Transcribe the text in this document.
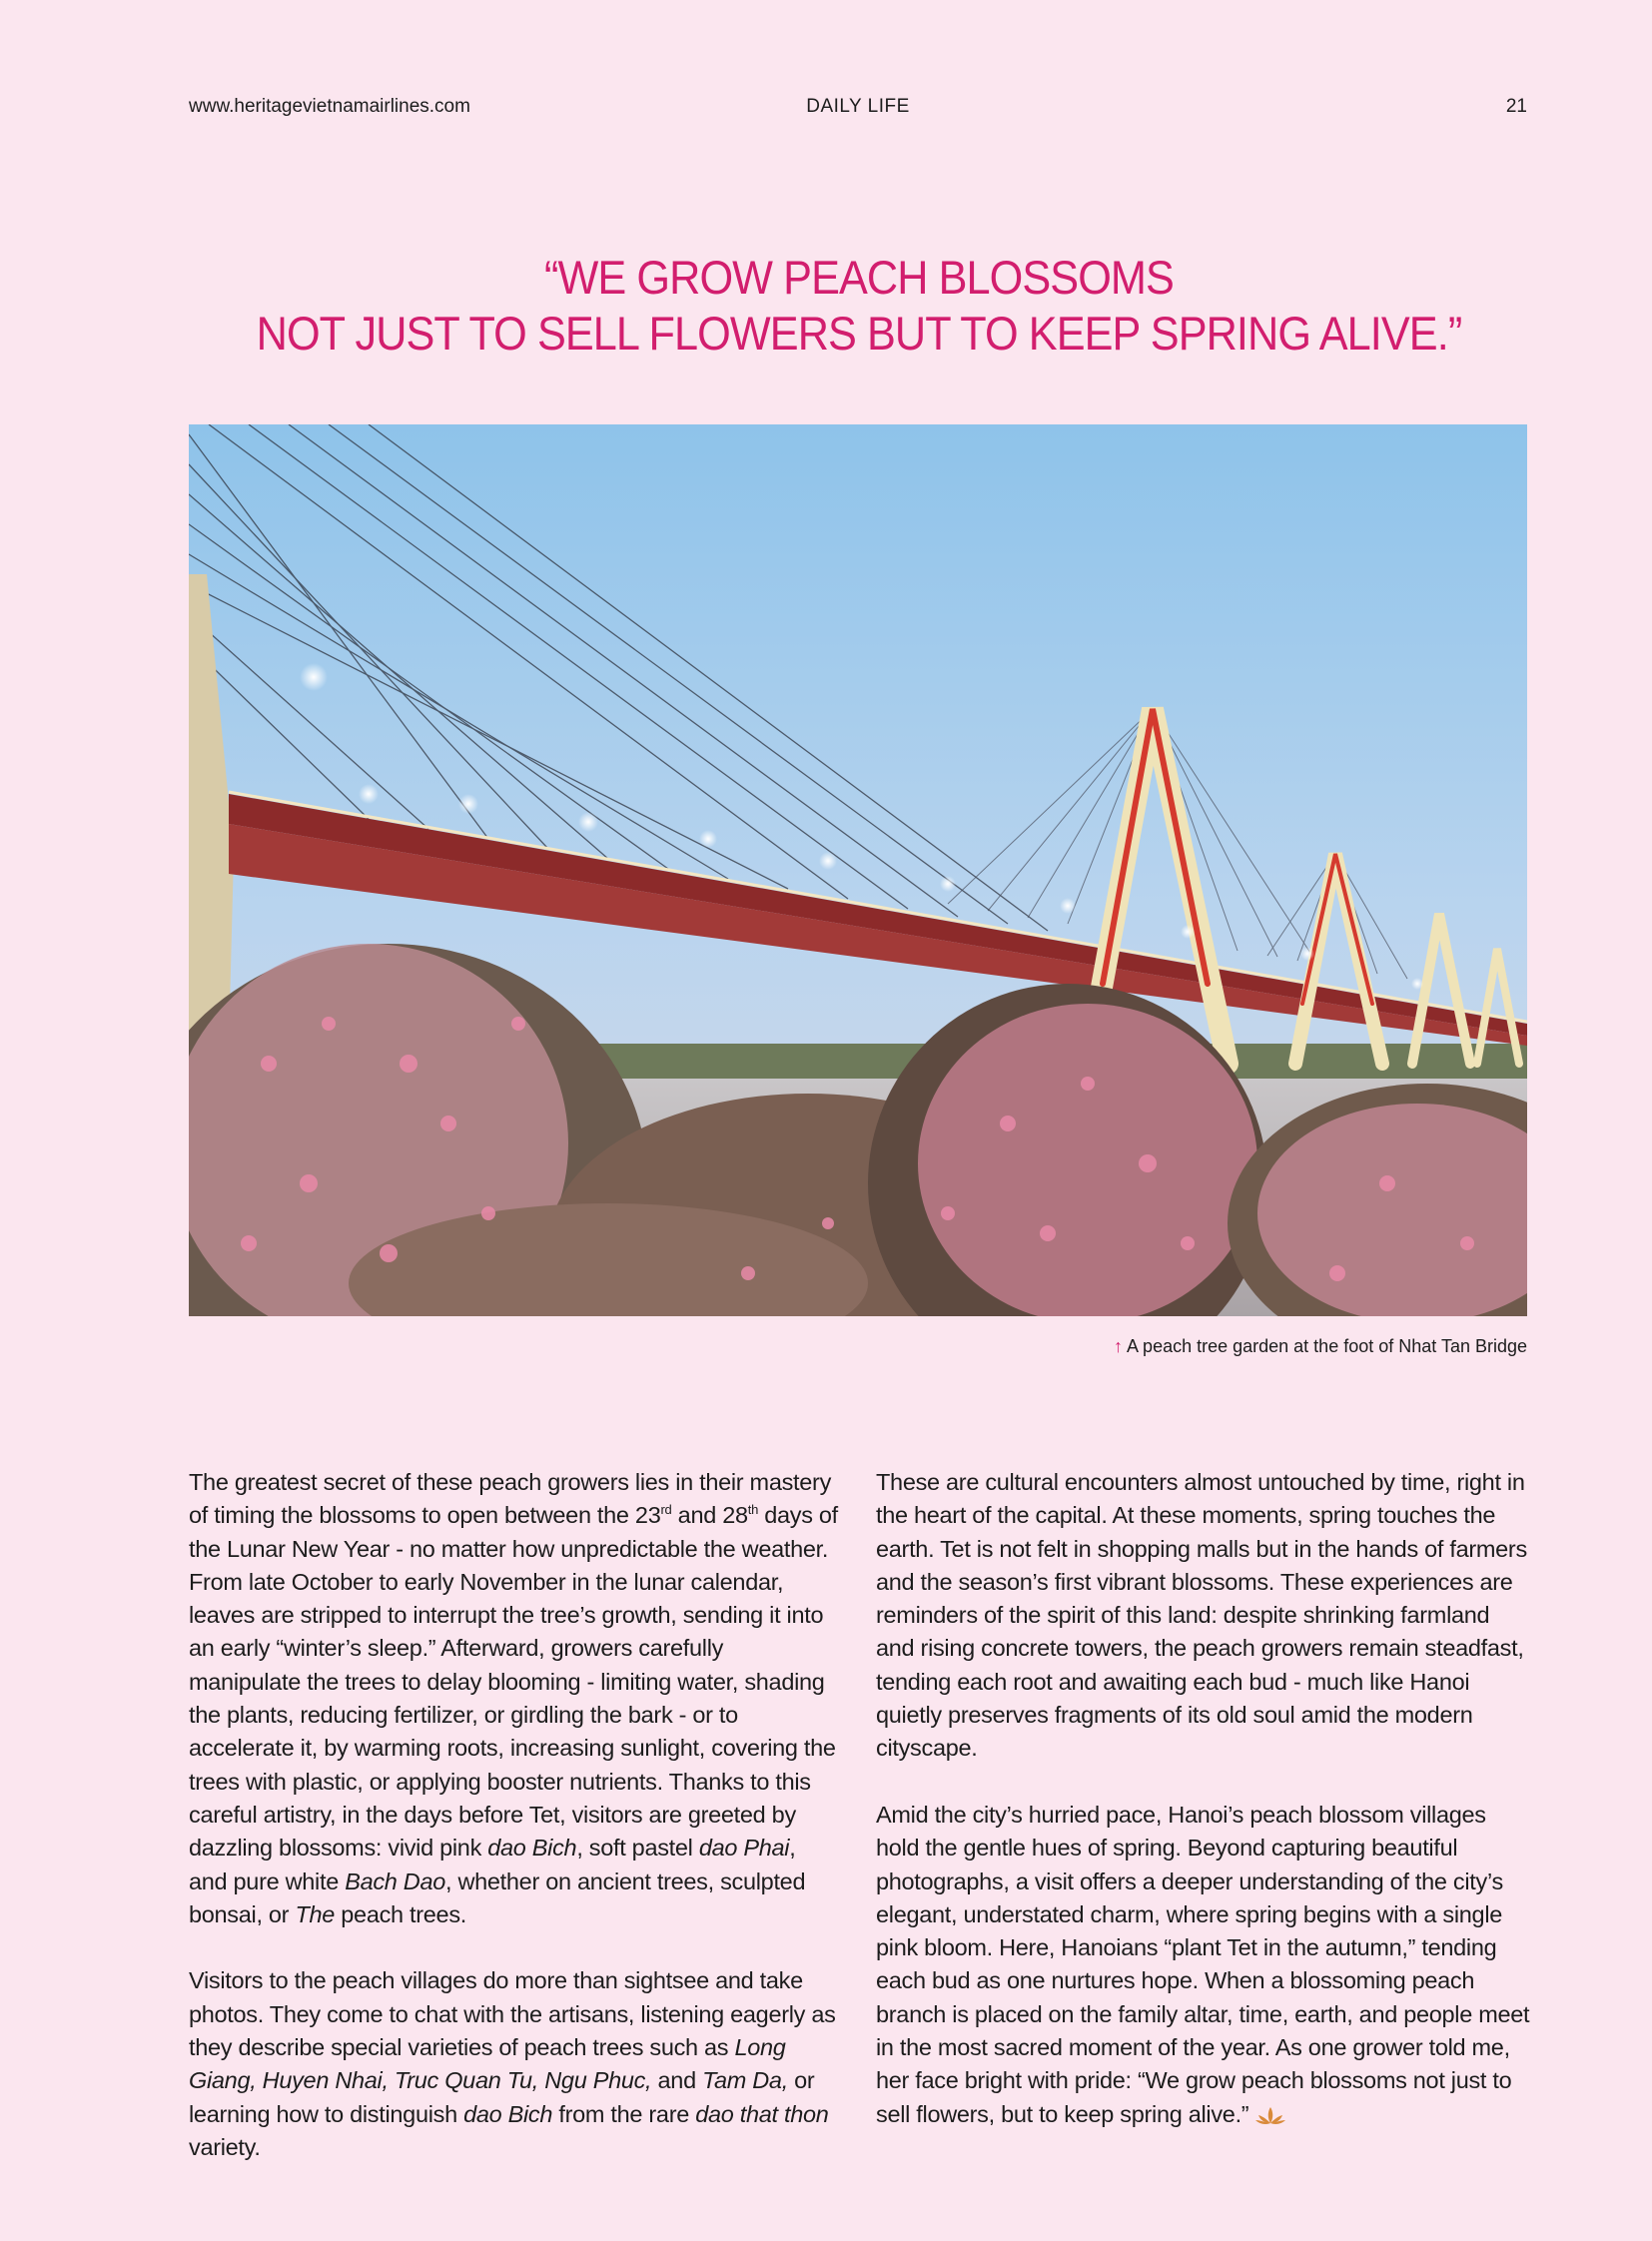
www.heritagevietnamairlines.com	DAILY LIFE	21
“WE GROW PEACH BLOSSOMS
NOT JUST TO SELL FLOWERS BUT TO KEEP SPRING ALIVE.”
↑ A peach tree garden at the foot of Nhat Tan Bridge

The greatest secret of these peach growers lies in their mastery of timing the blossoms to open between the 23rd and 28th days of the Lunar New Year - no matter how unpredictable the weather. From late October to early November in the lunar calendar, leaves are stripped to interrupt the tree’s growth, sending it into an early “winter’s sleep.” Afterward, growers carefully manipulate the trees to delay blooming - limiting water, shading the plants, reducing fertilizer, or girdling the bark - or to accelerate it, by warming roots, increasing sunlight, covering the trees with plastic, or applying booster nutrients. Thanks to this careful artistry, in the days before Tet, visitors are greeted by dazzling blossoms: vivid pink dao Bich, soft pastel dao Phai, and pure white Bach Dao, whether on ancient trees, sculpted bonsai, or The peach trees.

Visitors to the peach villages do more than sightsee and take photos. They come to chat with the artisans, listening eagerly as they describe special varieties of peach trees such as Long Giang, Huyen Nhai, Truc Quan Tu, Ngu Phuc, and Tam Da, or learning how to distinguish dao Bich from the rare dao that thon variety.

These are cultural encounters almost untouched by time, right in the heart of the capital. At these moments, spring touches the earth. Tet is not felt in shopping malls but in the hands of farmers and the season’s first vibrant blossoms. These experiences are reminders of the spirit of this land: despite shrinking farmland and rising concrete towers, the peach growers remain steadfast, tending each root and awaiting each bud - much like Hanoi quietly preserves fragments of its old soul amid the modern cityscape.

Amid the city’s hurried pace, Hanoi’s peach blossom villages hold the gentle hues of spring. Beyond capturing beautiful photographs, a visit offers a deeper understanding of the city’s elegant, understated charm, where spring begins with a single pink bloom. Here, Hanoians “plant Tet in the autumn,” tending each bud as one nurtures hope. When a blossoming peach branch is placed on the family altar, time, earth, and people meet in the most sacred moment of the year. As one grower told me, her face bright with pride: “We grow peach blossoms not just to sell flowers, but to keep spring alive.”
